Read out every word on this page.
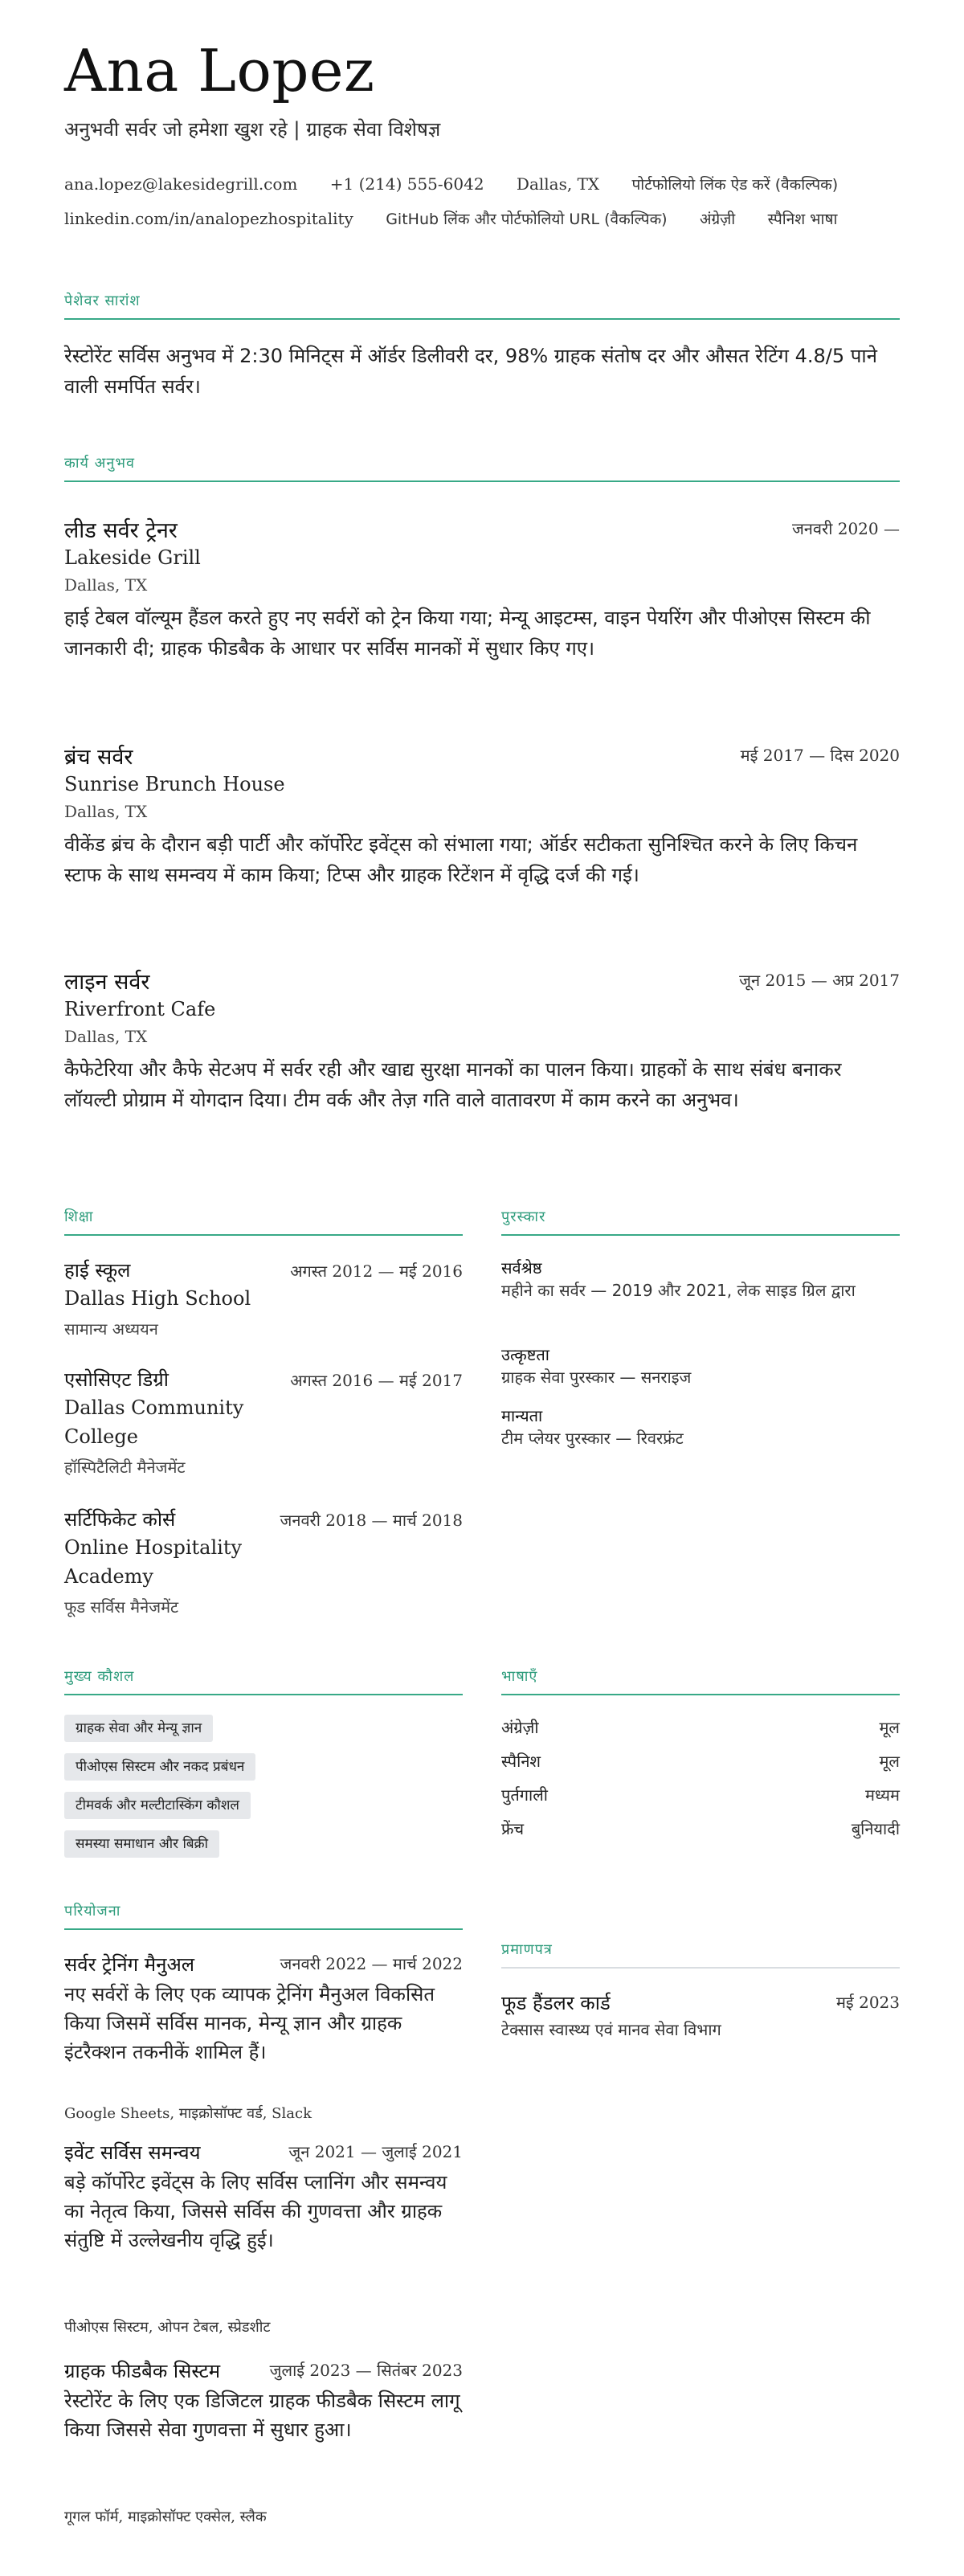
Ana Lopez
अनुभवी सर्वर जो हमेशा खुश रहे | ग्राहक सेवा विशेषज्ञ
ana.lopez@lakesidegrill.com +1 (214) 555-6042 Dallas, TX पोर्टफोलियो लिंक ऐड करें (वैकल्पिक)
linkedin.com/in/analopezhospitality GitHub लिंक और पोर्टफोलियो URL (वैकल्पिक) अंग्रेज़ी स्पैनिश भाषा
पेशेवर सारांश
रेस्टोरेंट सर्विस अनुभव में 2:30 मिनिट्स में ऑर्डर डिलीवरी दर, 98% ग्राहक संतोष दर और औसत रेटिंग 4.8/5 पाने वाली समर्पित सर्वर।
कार्य अनुभव
लीड सर्वर ट्रेनर	जनवरी 2020 —
Lakeside Grill
Dallas, TX
हाई टेबल वॉल्यूम हैंडल करते हुए नए सर्वरों को ट्रेन किया गया; मेन्यू आइटम्स, वाइन पेयरिंग और पीओएस सिस्टम की जानकारी दी; ग्राहक फीडबैक के आधार पर सर्विस मानकों में सुधार किए गए।
ब्रंच सर्वर	मई 2017 — दिस 2020
Sunrise Brunch House
Dallas, TX
वीकेंड ब्रंच के दौरान बड़ी पार्टी और कॉर्पोरेट इवेंट्स को संभाला गया; ऑर्डर सटीकता सुनिश्चित करने के लिए किचन स्टाफ के साथ समन्वय में काम किया; टिप्स और ग्राहक रिटेंशन में वृद्धि दर्ज की गई।
लाइन सर्वर	जून 2015 — अप्र 2017
Riverfront Cafe
Dallas, TX
कैफेटेरिया और कैफे सेटअप में सर्वर रही और खाद्य सुरक्षा मानकों का पालन किया। ग्राहकों के साथ संबंध बनाकर लॉयल्टी प्रोग्राम में योगदान दिया। टीम वर्क और तेज़ गति वाले वातावरण में काम करने का अनुभव।
शिक्षा
हाई स्कूल	अगस्त 2012 — मई 2016
Dallas High School
सामान्य अध्ययन
एसोसिएट डिग्री	अगस्त 2016 — मई 2017
Dallas Community College
हॉस्पिटैलिटी मैनेजमेंट
सर्टिफिकेट कोर्स	जनवरी 2018 — मार्च 2018
Online Hospitality Academy
फूड सर्विस मैनेजमेंट
पुरस्कार
सर्वश्रेष्ठ
महीने का सर्वर — 2019 और 2021, लेक साइड ग्रिल द्वारा
उत्कृष्टता
ग्राहक सेवा पुरस्कार — सनराइज
मान्यता
टीम प्लेयर पुरस्कार — रिवरफ्रंट
मुख्य कौशल
ग्राहक सेवा और मेन्यू ज्ञान
पीओएस सिस्टम और नकद प्रबंधन
टीमवर्क और मल्टीटास्किंग कौशल
समस्या समाधान और बिक्री
भाषाएँ
अंग्रेज़ी	मूल
स्पैनिश	मूल
पुर्तगाली	मध्यम
फ्रेंच	बुनियादी
परियोजना
सर्वर ट्रेनिंग मैनुअल	जनवरी 2022 — मार्च 2022
नए सर्वरों के लिए एक व्यापक ट्रेनिंग मैनुअल विकसित किया जिसमें सर्विस मानक, मेन्यू ज्ञान और ग्राहक इंटरैक्शन तकनीकें शामिल हैं।
Google Sheets, माइक्रोसॉफ्ट वर्ड, Slack
इवेंट सर्विस समन्वय	जून 2021 — जुलाई 2021
बड़े कॉर्पोरेट इवेंट्स के लिए सर्विस प्लानिंग और समन्वय का नेतृत्व किया, जिससे सर्विस की गुणवत्ता और ग्राहक संतुष्टि में उल्लेखनीय वृद्धि हुई।
पीओएस सिस्टम, ओपन टेबल, स्प्रेडशीट
ग्राहक फीडबैक सिस्टम	जुलाई 2023 — सितंबर 2023
रेस्टोरेंट के लिए एक डिजिटल ग्राहक फीडबैक सिस्टम लागू किया जिससे सेवा गुणवत्ता में सुधार हुआ।
गूगल फॉर्म, माइक्रोसॉफ्ट एक्सेल, स्लैक
प्रमाणपत्र
फूड हैंडलर कार्ड	मई 2023
टेक्सास स्वास्थ्य एवं मानव सेवा विभाग
